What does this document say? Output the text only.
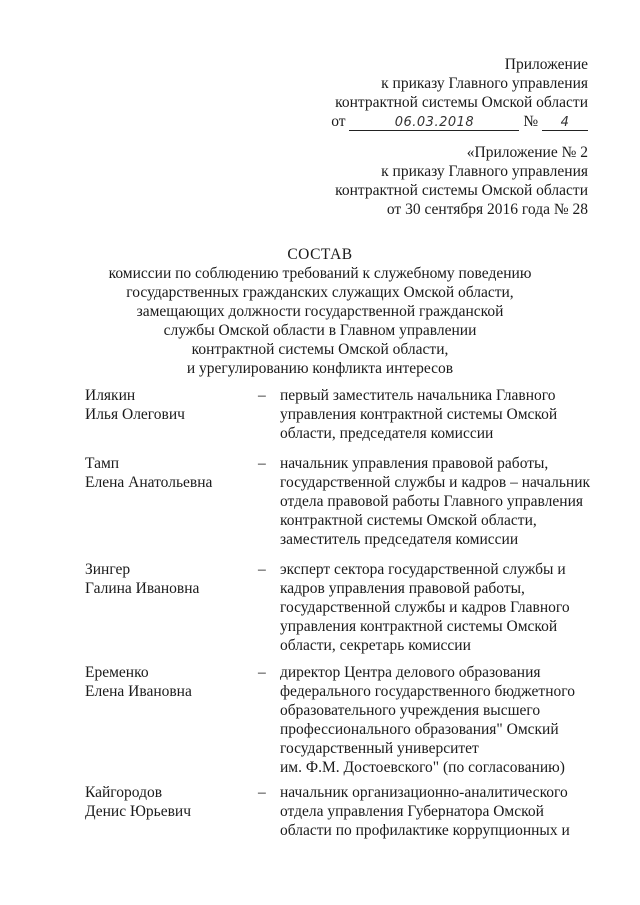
Приложение
к приказу Главного управления
контрактной системы Омской области
от	06.03.2018	№ 4
«Приложение № 2
к приказу Главного управления
контрактной системы Омской области
от 30 сентября 2016 года № 28
СОСТАВ
комиссии по соблюдению требований к служебному поведению
государственных гражданских служащих Омской области,
замещающих должности государственной гражданской
службы Омской области в Главном управлении
контрактной системы Омской области,
и урегулированию конфликта интересов
Илякин
Илья Олегович
– первый заместитель начальника Главного
управления контрактной системы Омской
области, председателя комиссии
Тамп
Елена Анатольевна
– начальник управления правовой работы,
государственной службы и кадров – начальник
отдела правовой работы Главного управления
контрактной системы Омской области,
заместитель председателя комиссии
Зингер
Галина Ивановна
– эксперт сектора государственной службы и
кадров управления правовой работы,
государственной службы и кадров Главного
управления контрактной системы Омской
области, секретарь комиссии
Еременко
Елена Ивановна
– директор Центра делового образования
федерального государственного бюджетного
образовательного учреждения высшего
профессионального образования" Омский
государственный университет
им. Ф.М. Достоевского" (по согласованию)
Кайгородов
Денис Юрьевич
– начальник организационно-аналитического
отдела управления Губернатора Омской
области по профилактике коррупционных и
